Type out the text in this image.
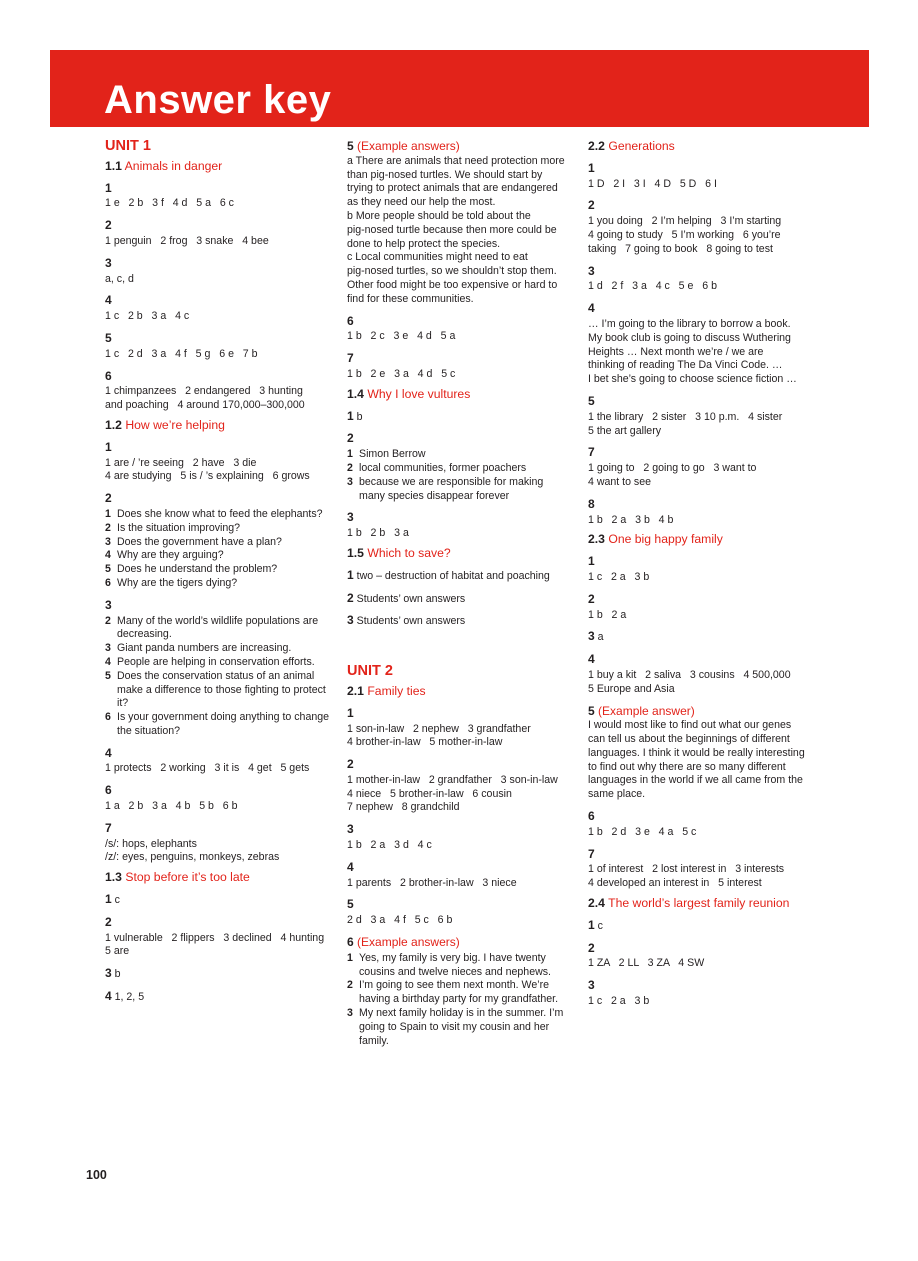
Answer key
UNIT 1
1.1 Animals in danger
1
1 e   2 b   3 f   4 d   5 a   6 c
2
1 penguin   2 frog   3 snake   4 bee
3
a, c, d
4
1 c   2 b   3 a   4 c
5
1 c   2 d   3 a   4 f   5 g   6 e   7 b
6
1 chimpanzees   2 endangered   3 hunting
and poaching   4 around 170,000–300,000
1.2 How we’re helping
1
1 are / ’re seeing   2 have   3 die
4 are studying   5 is / ’s explaining   6 grows
2
1 Does she know what to feed the elephants?
2 Is the situation improving?
3 Does the government have a plan?
4 Why are they arguing?
5 Does he understand the problem?
6 Why are the tigers dying?
3
2 Many of the world’s wildlife populations are decreasing.
3 Giant panda numbers are increasing.
4 People are helping in conservation efforts.
5 Does the conservation status of an animal make a difference to those fighting to protect it?
6 Is your government doing anything to change the situation?
4
1 protects   2 working   3 it is   4 get   5 gets
6
1 a   2 b   3 a   4 b   5 b   6 b
7
/s/: hops, elephants
/z/: eyes, penguins, monkeys, zebras
1.3 Stop before it’s too late
1 c
2
1 vulnerable   2 flippers   3 declined   4 hunting
5 are
3 b
4 1, 2, 5
5 (Example answers)
a There are animals that need protection more
than pig-nosed turtles. We should start by
trying to protect animals that are endangered
as they need our help the most.
b More people should be told about the
pig-nosed turtle because then more could be
done to help protect the species.
c Local communities might need to eat
pig-nosed turtles, so we shouldn’t stop them.
Other food might be too expensive or hard to
find for these communities.
6
1 b   2 c   3 e   4 d   5 a
7
1 b   2 e   3 a   4 d   5 c
1.4 Why I love vultures
1 b
2
1 Simon Berrow
2 local communities, former poachers
3 because we are responsible for making many species disappear forever
3
1 b   2 b   3 a
1.5 Which to save?
1 two – destruction of habitat and poaching
2 Students’ own answers
3 Students’ own answers
UNIT 2
2.1 Family ties
1
1 son-in-law   2 nephew   3 grandfather
4 brother-in-law   5 mother-in-law
2
1 mother-in-law   2 grandfather   3 son-in-law
4 niece   5 brother-in-law   6 cousin
7 nephew   8 grandchild
3
1 b   2 a   3 d   4 c
4
1 parents   2 brother-in-law   3 niece
5
2 d   3 a   4 f   5 c   6 b
6 (Example answers)
1 Yes, my family is very big. I have twenty cousins and twelve nieces and nephews.
2 I’m going to see them next month. We’re having a birthday party for my grandfather.
3 My next family holiday is in the summer. I’m going to Spain to visit my cousin and her family.
2.2 Generations
1
1 D   2 I   3 I   4 D   5 D   6 I
2
1 you doing   2 I’m helping   3 I’m starting
4 going to study   5 I’m working   6 you’re
taking   7 going to book   8 going to test
3
1 d   2 f   3 a   4 c   5 e   6 b
4
… I’m going to the library to borrow a book.
My book club is going to discuss Wuthering
Heights … Next month we’re / we are
thinking of reading The Da Vinci Code. …
I bet she’s going to choose science fiction …
5
1 the library   2 sister   3 10 p.m.   4 sister
5 the art gallery
7
1 going to   2 going to go   3 want to
4 want to see
8
1 b   2 a   3 b   4 b
2.3 One big happy family
1
1 c   2 a   3 b
2
1 b   2 a
3 a
4
1 buy a kit   2 saliva   3 cousins   4 500,000
5 Europe and Asia
5 (Example answer)
I would most like to find out what our genes
can tell us about the beginnings of different
languages. I think it would be really interesting
to find out why there are so many different
languages in the world if we all came from the
same place.
6
1 b   2 d   3 e   4 a   5 c
7
1 of interest   2 lost interest in   3 interests
4 developed an interest in   5 interest
2.4 The world’s largest family reunion
1 c
2
1 ZA   2 LL   3 ZA   4 SW
3
1 c   2 a   3 b
100
